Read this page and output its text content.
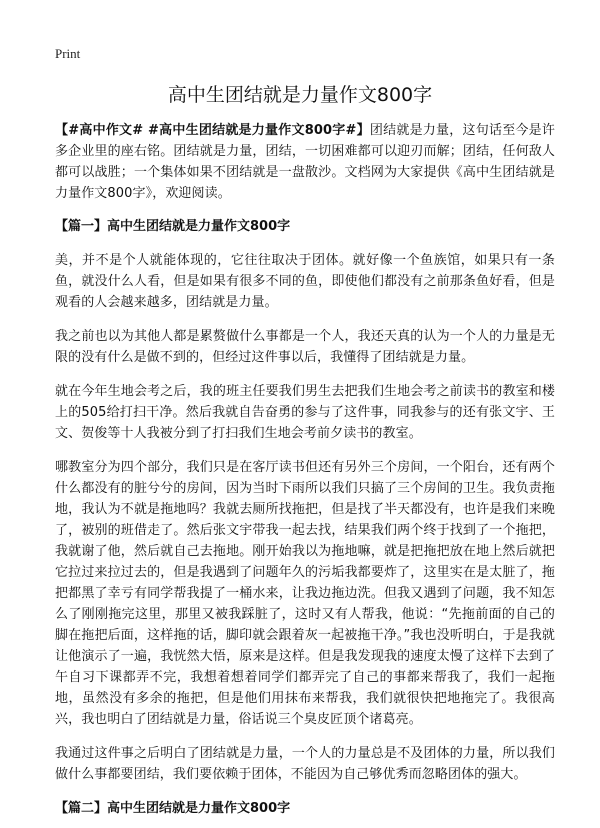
Print
高中生团结就是力量作文800字

【#高中作文# #高中生团结就是力量作文800字#】团结就是力量，这句话至今是许多企业里的座右铭。团结就是力量，团结，一切困难都可以迎刃而解；团结，任何敌人都可以战胜；一个集体如果不团结就是一盘散沙。文档网为大家提供《高中生团结就是力量作文800字》，欢迎阅读。

【篇一】高中生团结就是力量作文800字

美，并不是个人就能体现的，它往往取决于团体。就好像一个鱼族馆，如果只有一条鱼，就没什么人看，但是如果有很多不同的鱼，即使他们都没有之前那条鱼好看，但是观看的人会越来越多，团结就是力量。

我之前也以为其他人都是累赘做什么事都是一个人，我还天真的认为一个人的力量是无限的没有什么是做不到的，但经过这件事以后，我懂得了团结就是力量。

就在今年生地会考之后，我的班主任要我们男生去把我们生地会考之前读书的教室和楼上的505给打扫干净。然后我就自告奋勇的参与了这件事，同我参与的还有张文宇、王文、贺俊等十人我被分到了打扫我们生地会考前夕读书的教室。

哪教室分为四个部分，我们只是在客厅读书但还有另外三个房间，一个阳台，还有两个什么都没有的脏兮兮的房间，因为当时下雨所以我们只搞了三个房间的卫生。我负责拖地，我认为不就是拖地吗？我就去厕所找拖把，但是找了半天都没有，也许是我们来晚了，被别的班借走了。然后张文宇带我一起去找，结果我们两个终于找到了一个拖把，我就谢了他，然后就自己去拖地。刚开始我以为拖地嘛，就是把拖把放在地上然后就把它拉过来拉过去的，但是我遇到了问题年久的污垢我都要炸了，这里实在是太脏了，拖把都黑了幸亏有同学帮我提了一桶水来，让我边拖边洗。但我又遇到了问题，我不知怎么了刚刚拖完这里，那里又被我踩脏了，这时又有人帮我，他说：“先拖前面的自己的脚在拖把后面，这样拖的话，脚印就会跟着灰一起被拖干净。”我也没听明白，于是我就让他演示了一遍，我恍然大悟，原来是这样。但是我发现我的速度太慢了这样下去到了午自习下课都弄不完，我想着想着同学们都弄完了自己的事都来帮我了，我们一起拖地，虽然没有多余的拖把，但是他们用抹布来帮我，我们就很快把地拖完了。我很高兴，我也明白了团结就是力量，俗话说三个臭皮匠顶个诸葛亮。

我通过这件事之后明白了团结就是力量，一个人的力量总是不及团体的力量，所以我们做什么事都要团结，我们要依赖于团体，不能因为自己够优秀而忽略团体的强大。

【篇二】高中生团结就是力量作文800字
